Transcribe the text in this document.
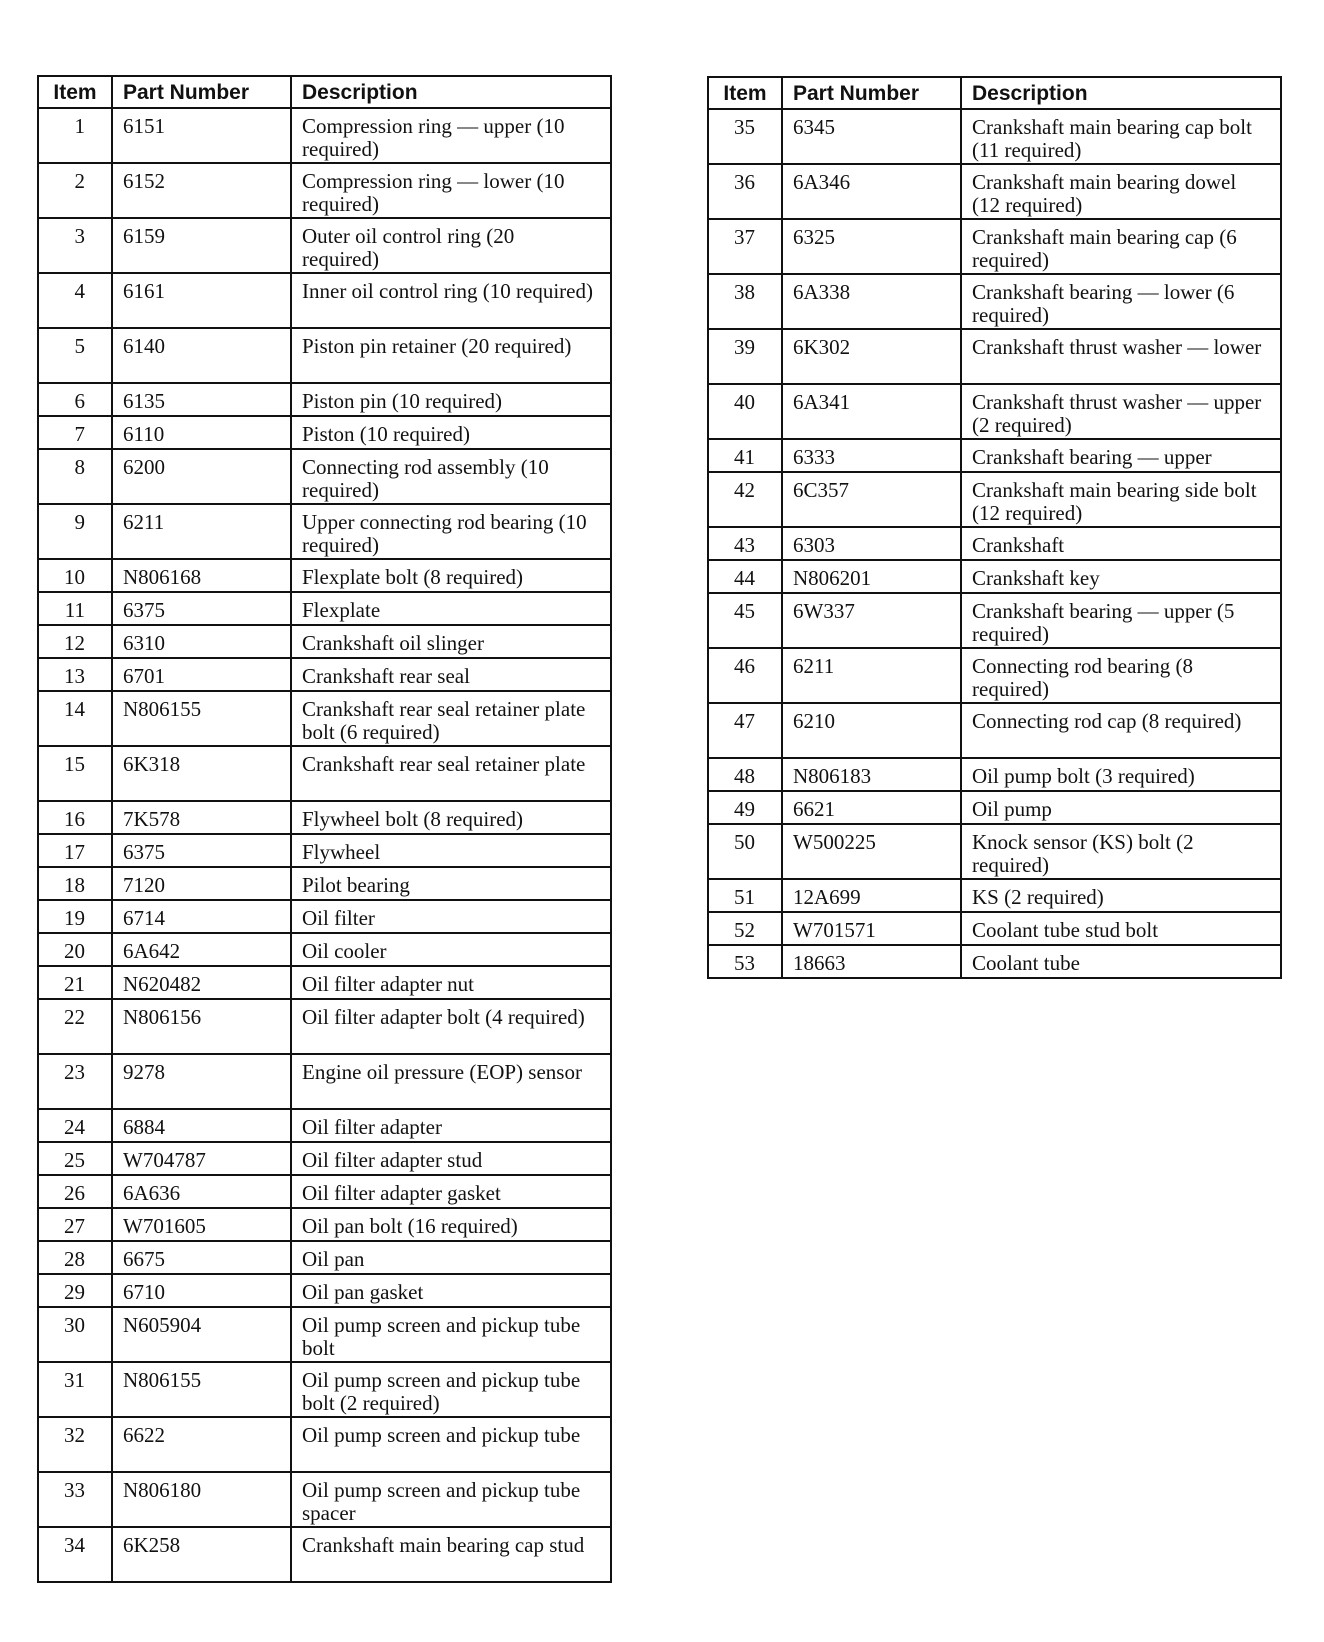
Item	Part Number	Description
1	6151	Compression ring — upper (10 required)
2	6152	Compression ring — lower (10 required)
3	6159	Outer oil control ring (20 required)
4	6161	Inner oil control ring (10 required)
5	6140	Piston pin retainer (20 required)
6	6135	Piston pin (10 required)
7	6110	Piston (10 required)
8	6200	Connecting rod assembly (10 required)
9	6211	Upper connecting rod bearing (10 required)
10	N806168	Flexplate bolt (8 required)
11	6375	Flexplate
12	6310	Crankshaft oil slinger
13	6701	Crankshaft rear seal
14	N806155	Crankshaft rear seal retainer plate bolt (6 required)
15	6K318	Crankshaft rear seal retainer plate
16	7K578	Flywheel bolt (8 required)
17	6375	Flywheel
18	7120	Pilot bearing
19	6714	Oil filter
20	6A642	Oil cooler
21	N620482	Oil filter adapter nut
22	N806156	Oil filter adapter bolt (4 required)
23	9278	Engine oil pressure (EOP) sensor
24	6884	Oil filter adapter
25	W704787	Oil filter adapter stud
26	6A636	Oil filter adapter gasket
27	W701605	Oil pan bolt (16 required)
28	6675	Oil pan
29	6710	Oil pan gasket
30	N605904	Oil pump screen and pickup tube bolt
31	N806155	Oil pump screen and pickup tube bolt (2 required)
32	6622	Oil pump screen and pickup tube
33	N806180	Oil pump screen and pickup tube spacer
34	6K258	Crankshaft main bearing cap stud
Item	Part Number	Description
35	6345	Crankshaft main bearing cap bolt (11 required)
36	6A346	Crankshaft main bearing dowel (12 required)
37	6325	Crankshaft main bearing cap (6 required)
38	6A338	Crankshaft bearing — lower (6 required)
39	6K302	Crankshaft thrust washer — lower
40	6A341	Crankshaft thrust washer — upper (2 required)
41	6333	Crankshaft bearing — upper
42	6C357	Crankshaft main bearing side bolt (12 required)
43	6303	Crankshaft
44	N806201	Crankshaft key
45	6W337	Crankshaft bearing — upper (5 required)
46	6211	Connecting rod bearing (8 required)
47	6210	Connecting rod cap (8 required)
48	N806183	Oil pump bolt (3 required)
49	6621	Oil pump
50	W500225	Knock sensor (KS) bolt (2 required)
51	12A699	KS (2 required)
52	W701571	Coolant tube stud bolt
53	18663	Coolant tube
